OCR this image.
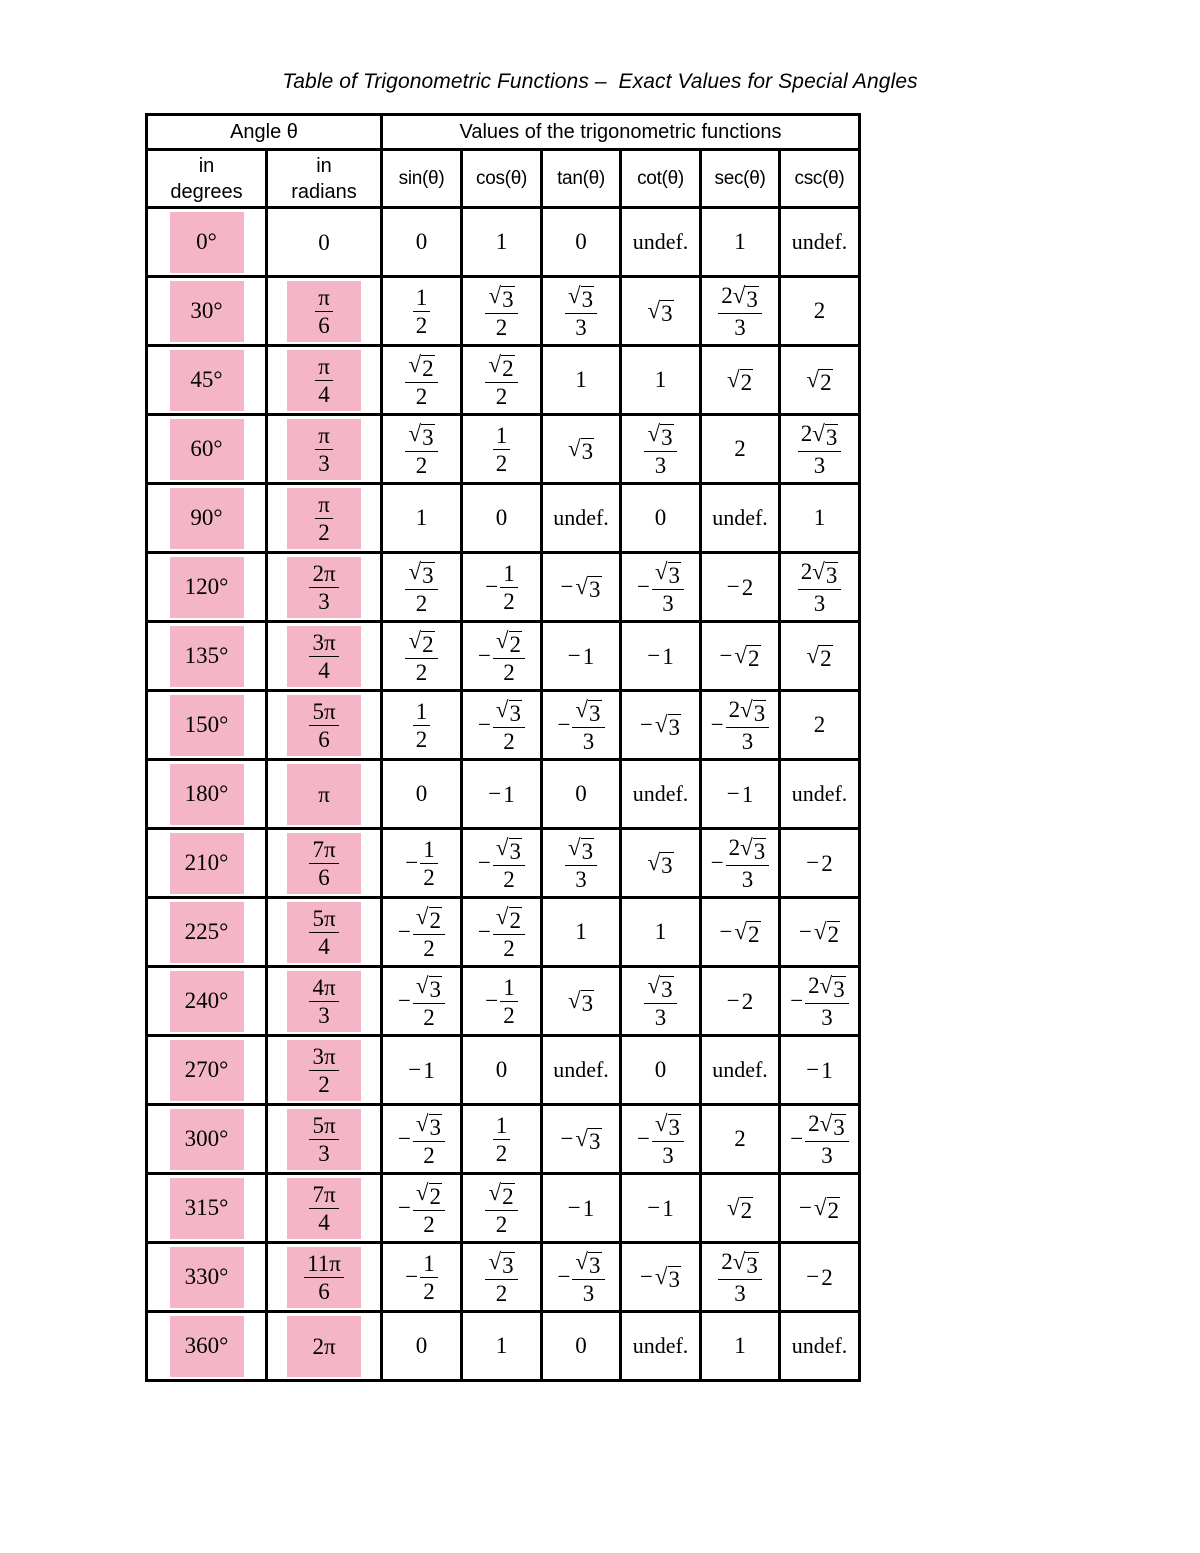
Table of Trigonometric Functions –  Exact Values for Special Angles
Angle θ		Values of the trigonometric functions					

in
degrees	in
radians	sin(θ)	cos(θ)	tan(θ)	cot(θ)	sec(θ)	csc(θ)

0°	0	0	1	0	undef.	1	undef.

30°	$\frac{\pi}{6}$	$\frac{1}{2}$	$\frac{√ 3}{2}$	$\frac{√ 3}{3}$	√ 3	$\frac{2 √ 3}{3}$	2

45°	$\frac{\pi}{4}$	$\frac{√ 2}{2}$	$\frac{√ 2}{2}$	1	1	√ 2	√ 2

60°	$\frac{\pi}{3}$	$\frac{√ 3}{2}$	$\frac{1}{2}$	√ 3	$\frac{√ 3}{3}$	2	$\frac{2 √ 3}{3}$

90°	$\frac{\pi}{2}$	1	0	undef.	0	undef.	1

120°	$\frac{2\pi}{3}$	$\frac{√ 3}{2}$	− $\frac{1}{2}$	− √ 3	− $\frac{√ 3}{3}$	− 2	$\frac{2 √ 3}{3}$

135°	$\frac{3\pi}{4}$	$\frac{√ 2}{2}$	− $\frac{√ 2}{2}$	− 1	− 1	− √ 2	√ 2

150°	$\frac{5\pi}{6}$	$\frac{1}{2}$	− $\frac{√ 3}{2}$	− $\frac{√ 3}{3}$	− √ 3	− $\frac{2 √ 3}{3}$	2

180°	π	0	− 1	0	undef.	− 1	undef.

210°	$\frac{7\pi}{6}$	− $\frac{1}{2}$	− $\frac{√ 3}{2}$	$\frac{√ 3}{3}$	√ 3	− $\frac{2 √ 3}{3}$	− 2

225°	$\frac{5\pi}{4}$	− $\frac{√ 2}{2}$	− $\frac{√ 2}{2}$	1	1	− √ 2	− √ 2

240°	$\frac{4\pi}{3}$	− $\frac{√ 3}{2}$	− $\frac{1}{2}$	√ 3	$\frac{√ 3}{3}$	− 2	− $\frac{2 √ 3}{3}$

270°	$\frac{3\pi}{2}$	− 1	0	undef.	0	undef.	− 1

300°	$\frac{5\pi}{3}$	− $\frac{√ 3}{2}$	$\frac{1}{2}$	− √ 3	− $\frac{√ 3}{3}$	2	− $\frac{2 √ 3}{3}$

315°	$\frac{7\pi}{4}$	− $\frac{√ 2}{2}$	$\frac{√ 2}{2}$	− 1	− 1	√ 2	− √ 2

330°	$\frac{11\pi}{6}$	− $\frac{1}{2}$	$\frac{√ 3}{2}$	− $\frac{√ 3}{3}$	− √ 3	$\frac{2 √ 3}{3}$	− 2

360°	2π	0	1	0	undef.	1	undef.
